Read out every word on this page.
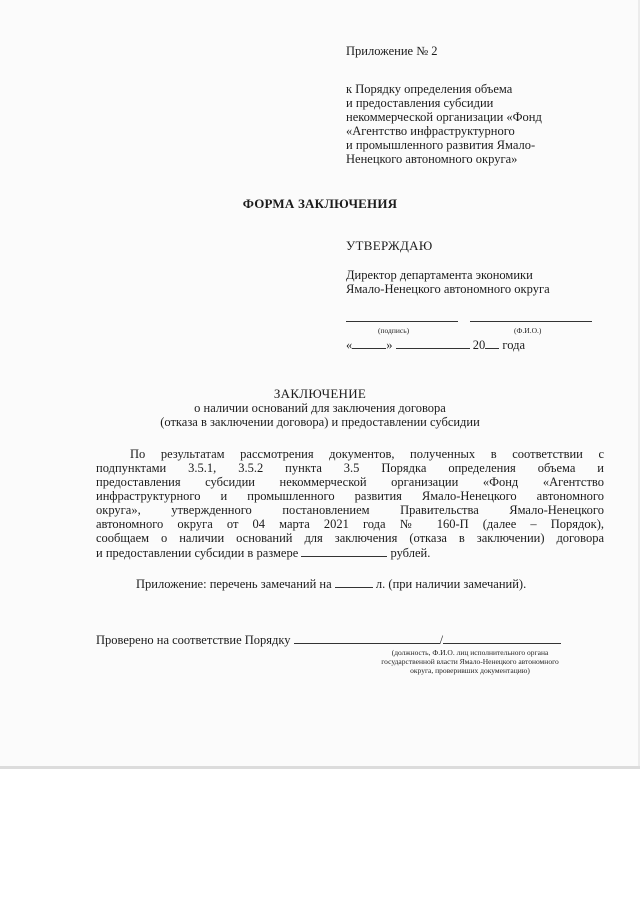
Приложение № 2

к Порядку определения объема
и предоставления субсидии
некоммерческой организации «Фонд
«Агентство инфраструктурного
и промышленного развития Ямало-
Ненецкого автономного округа»

ФОРМА ЗАКЛЮЧЕНИЯ

УТВЕРЖДАЮ

Директор департамента экономики
Ямало-Ненецкого автономного округа

(подпись)	(Ф.И.О.)

«	»	20 года

ЗАКЛЮЧЕНИЕ
о наличии оснований для заключения договора
(отказа в заключении договора) и предоставлении субсидии
По результатам рассмотрения документов, полученных в соответствии с
подпунктами 3.5.1, 3.5.2 пункта 3.5 Порядка определения объема и
предоставления субсидии некоммерческой организации «Фонд «Агентство
инфраструктурного и промышленного развития Ямало-Ненецкого автономного
округа», утвержденного постановлением Правительства Ямало-Ненецкого
автономного округа от 04 марта 2021 года № 160-П (далее – Порядок),
сообщаем о наличии оснований для заключения (отказа в заключении) договора
и предоставлении субсидии в размере	рублей.

Приложение: перечень замечаний на	л. (при наличии замечаний).

Проверено на соответствие Порядку	/

(должность, Ф.И.О. лиц исполнительного органа
государственной власти Ямало-Ненецкого автономного
округа, проверивших документацию)
